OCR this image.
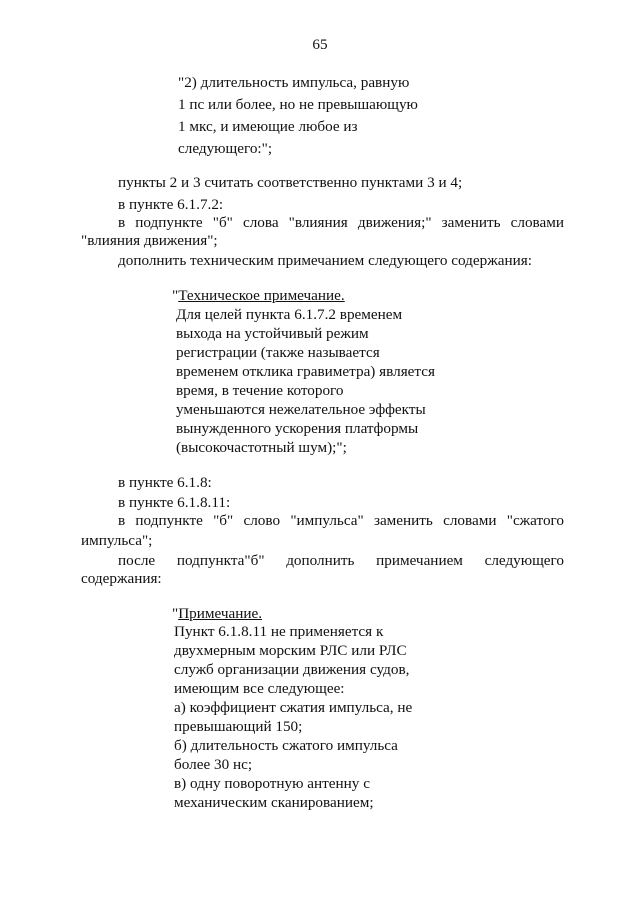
65
"2) длительность импульса, равную
1 пс или более, но не превышающую
1 мкс, и имеющие любое из
следующего:";
пункты 2 и 3 считать соответственно пунктами 3 и 4;
в пункте 6.1.7.2:
в подпункте "б" слова "влияния движения;" заменить словами
"влияния движения";
дополнить техническим примечанием следующего содержания:
"Техническое примечание.
Для целей пункта 6.1.7.2 временем
выхода на устойчивый режим
регистрации (также называется
временем отклика гравиметра) является
время, в течение которого
уменьшаются нежелательное эффекты
вынужденного ускорения платформы
(высокочастотный шум);";
в пункте 6.1.8:
в пункте 6.1.8.11:
в подпункте "б" слово "импульса" заменить словами "сжатого
импульса";
после подпункта"б" дополнить примечанием следующего
содержания:
"Примечание.
Пункт 6.1.8.11 не применяется к
двухмерным морским РЛС или РЛС
служб организации движения судов,
имеющим все следующее:
а) коэффициент сжатия импульса, не
превышающий 150;
б) длительность сжатого импульса
более 30 нс;
в) одну поворотную антенну с
механическим сканированием;
